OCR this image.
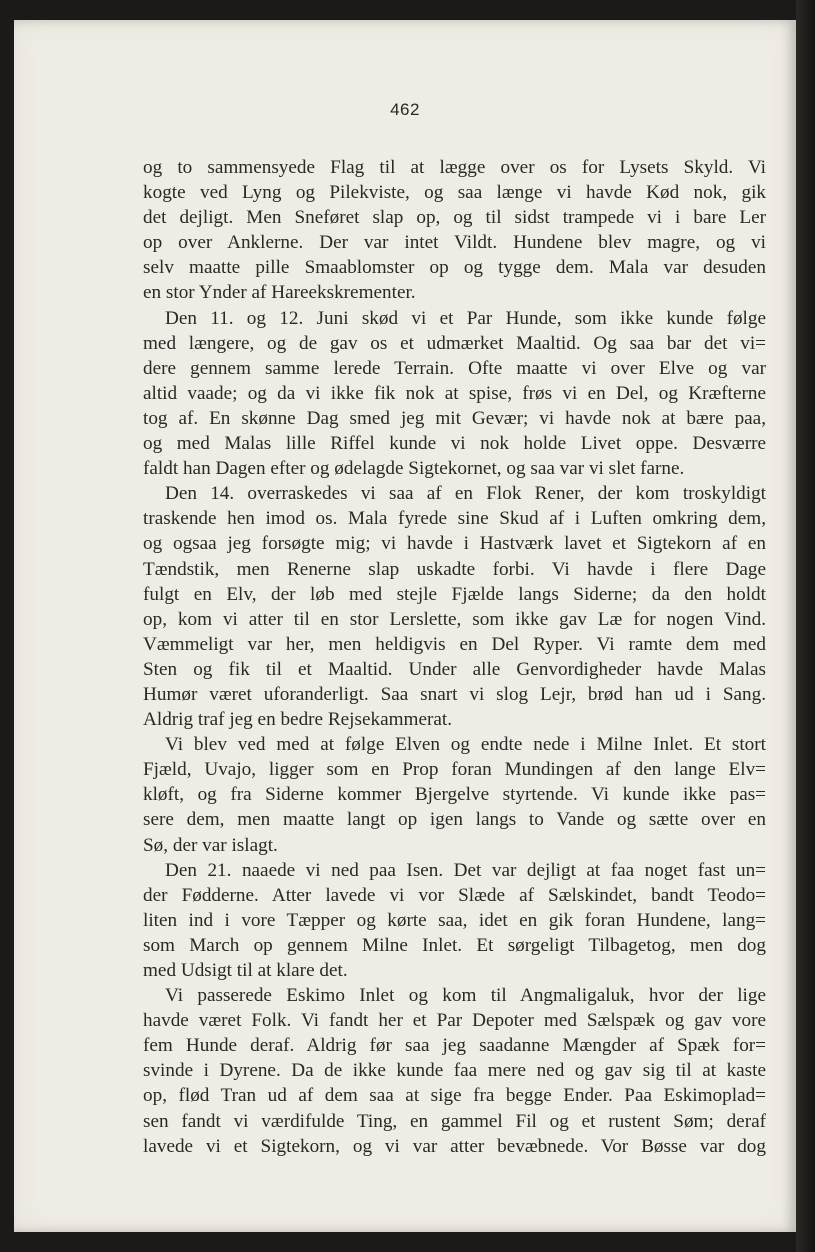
462
og to sammensyede Flag til at lægge over os for Lysets Skyld. Vi
kogte ved Lyng og Pilekviste, og saa længe vi havde Kød nok, gik
det dejligt. Men Sneføret slap op, og til sidst trampede vi i bare Ler
op over Anklerne. Der var intet Vildt. Hundene blev magre, og vi
selv maatte pille Smaablomster op og tygge dem. Mala var desuden
en stor Ynder af Hareekskrementer.
Den 11. og 12. Juni skød vi et Par Hunde, som ikke kunde følge
med længere, og de gav os et udmærket Maaltid. Og saa bar det vi=
dere gennem samme lerede Terrain. Ofte maatte vi over Elve og var
altid vaade; og da vi ikke fik nok at spise, frøs vi en Del, og Kræfterne
tog af. En skønne Dag smed jeg mit Gevær; vi havde nok at bære paa,
og med Malas lille Riffel kunde vi nok holde Livet oppe. Desværre
faldt han Dagen efter og ødelagde Sigtekornet, og saa var vi slet farne.
Den 14. overraskedes vi saa af en Flok Rener, der kom troskyldigt
traskende hen imod os. Mala fyrede sine Skud af i Luften omkring dem,
og ogsaa jeg forsøgte mig; vi havde i Hastværk lavet et Sigtekorn af en
Tændstik, men Renerne slap uskadte forbi. Vi havde i flere Dage
fulgt en Elv, der løb med stejle Fjælde langs Siderne; da den holdt
op, kom vi atter til en stor Lerslette, som ikke gav Læ for nogen Vind.
Væmmeligt var her, men heldigvis en Del Ryper. Vi ramte dem med
Sten og fik til et Maaltid. Under alle Genvordigheder havde Malas
Humør været uforanderligt. Saa snart vi slog Lejr, brød han ud i Sang.
Aldrig traf jeg en bedre Rejsekammerat.
Vi blev ved med at følge Elven og endte nede i Milne Inlet. Et stort
Fjæld, Uvajo, ligger som en Prop foran Mundingen af den lange Elv=
kløft, og fra Siderne kommer Bjergelve styrtende. Vi kunde ikke pas=
sere dem, men maatte langt op igen langs to Vande og sætte over en
Sø, der var islagt.
Den 21. naaede vi ned paa Isen. Det var dejligt at faa noget fast un=
der Fødderne. Atter lavede vi vor Slæde af Sælskindet, bandt Teodo=
liten ind i vore Tæpper og kørte saa, idet en gik foran Hundene, lang=
som March op gennem Milne Inlet. Et sørgeligt Tilbagetog, men dog
med Udsigt til at klare det.
Vi passerede Eskimo Inlet og kom til Angmaligaluk, hvor der lige
havde været Folk. Vi fandt her et Par Depoter med Sælspæk og gav vore
fem Hunde deraf. Aldrig før saa jeg saadanne Mængder af Spæk for=
svinde i Dyrene. Da de ikke kunde faa mere ned og gav sig til at kaste
op, flød Tran ud af dem saa at sige fra begge Ender. Paa Eskimoplad=
sen fandt vi værdifulde Ting, en gammel Fil og et rustent Søm; deraf
lavede vi et Sigtekorn, og vi var atter bevæbnede. Vor Bøsse var dog
